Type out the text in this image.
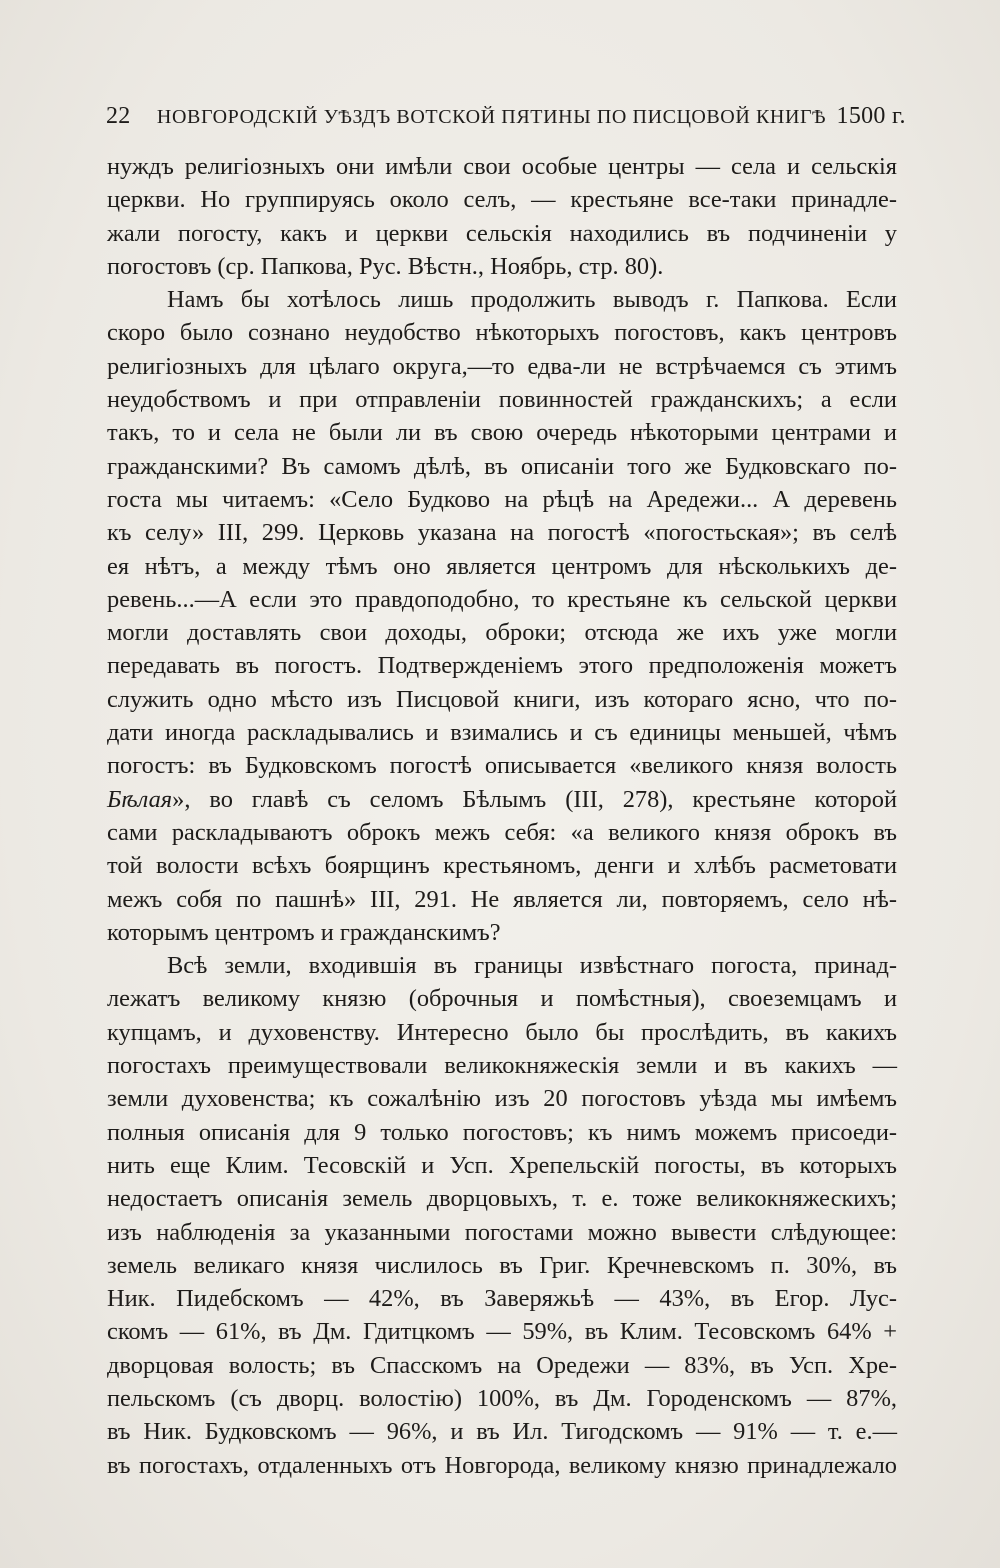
22 НОВГОРОДСКІЙ УѢЗДЪ ВОТСКОЙ ПЯТИНЫ ПО ПИСЦОВОЙ КНИГѢ 1500 г.
нуждъ религіозныхъ они имѣли свои особые центры — села и сельскія
церкви. Но группируясь около селъ, — крестьяне все-таки принадле-
жали погосту, какъ и церкви сельскія находились въ подчиненіи у
погостовъ (ср. Папкова, Рус. Вѣстн., Ноябрь, стр. 80).
Намъ бы хотѣлось лишь продолжить выводъ г. Папкова. Если
скоро было сознано неудобство нѣкоторыхъ погостовъ, какъ центровъ
религіозныхъ для цѣлаго округа,—то едва-ли не встрѣчаемся съ этимъ
неудобствомъ и при отправленіи повинностей гражданскихъ; а если
такъ, то и села не были ли въ свою очередь нѣкоторыми центрами и
гражданскими? Въ самомъ дѣлѣ, въ описаніи того же Будковскаго по-
госта мы читаемъ: «Село Будково на рѣцѣ на Аредежи... А деревень
къ селу» III, 299. Церковь указана на погостѣ «погостьская»; въ селѣ
ея нѣтъ, а между тѣмъ оно является центромъ для нѣсколькихъ де-
ревень...—А если это правдоподобно, то крестьяне къ сельской церкви
могли доставлять свои доходы, оброки; отсюда же ихъ уже могли
передавать въ погостъ. Подтвержденіемъ этого предположенія можетъ
служить одно мѣсто изъ Писцовой книги, изъ котораго ясно, что по-
дати иногда раскладывались и взимались и съ единицы меньшей, чѣмъ
погостъ: въ Будковскомъ погостѣ описывается «великого князя волость
Бѣлая», во главѣ съ селомъ Бѣлымъ (III, 278), крестьяне которой
сами раскладываютъ оброкъ межъ себя: «а великого князя оброкъ въ
той волости всѣхъ боярщинъ крестьяномъ, денги и хлѣбъ расметовати
межъ собя по пашнѣ» III, 291. Не является ли, повторяемъ, село нѣ-
которымъ центромъ и гражданскимъ?
Всѣ земли, входившія въ границы извѣстнаго погоста, принад-
лежатъ великому князю (оброчныя и помѣстныя), своеземцамъ и
купцамъ, и духовенству. Интересно было бы прослѣдить, въ какихъ
погостахъ преимуществовали великокняжескія земли и въ какихъ —
земли духовенства; къ сожалѣнію изъ 20 погостовъ уѣзда мы имѣемъ
полныя описанія для 9 только погостовъ; къ нимъ можемъ присоеди-
нить еще Клим. Тесовскій и Усп. Хрепельскій погосты, въ которыхъ
недостаетъ описанія земель дворцовыхъ, т. е. тоже великокняжескихъ;
изъ наблюденія за указанными погостами можно вывести слѣдующее:
земель великаго князя числилось въ Григ. Кречневскомъ п. 30%, въ
Ник. Пидебскомъ — 42%, въ Заверяжьѣ — 43%, въ Егор. Лус-
скомъ — 61%, въ Дм. Гдитцкомъ — 59%, въ Клим. Тесовскомъ 64% +
дворцовая волость; въ Спасскомъ на Оредежи — 83%, въ Усп. Хре-
пельскомъ (съ дворц. волостію) 100%, въ Дм. Городенскомъ — 87%,
въ Ник. Будковскомъ — 96%, и въ Ил. Тигодскомъ — 91% — т. е.—
въ погостахъ, отдаленныхъ отъ Новгорода, великому князю принадлежало
